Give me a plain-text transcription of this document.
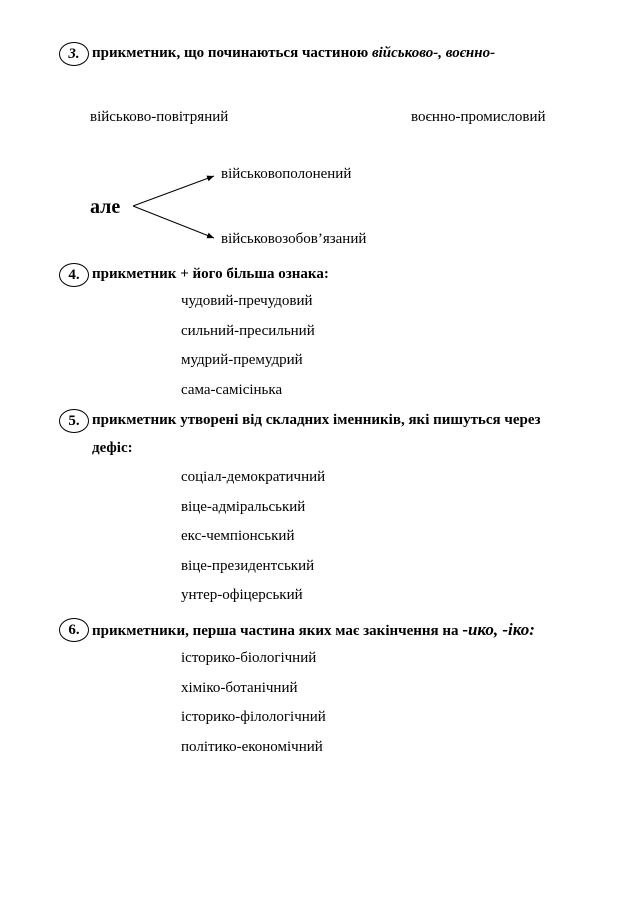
3. прикметник, що починаються частиною військово-, воєнно-
військово-повітряний	воєнно-промисловий
але
військовополонений
військовозобов’язаний
4. прикметник + його більша ознака:
чудовий-пречудовий
сильний-пресильний
мудрий-премудрий
сама-самісінька
5. прикметник утворені від складних іменників, які пишуться через
дефіс:
соціал-демократичний
віце-адміральський
екс-чемпіонський
віце-президентський
унтер-офіцерський
6. прикметники, перша частина яких має закінчення на -ико, -іко:
історико-біологічний
хіміко-ботанічний
історико-філологічний
політико-економічний
